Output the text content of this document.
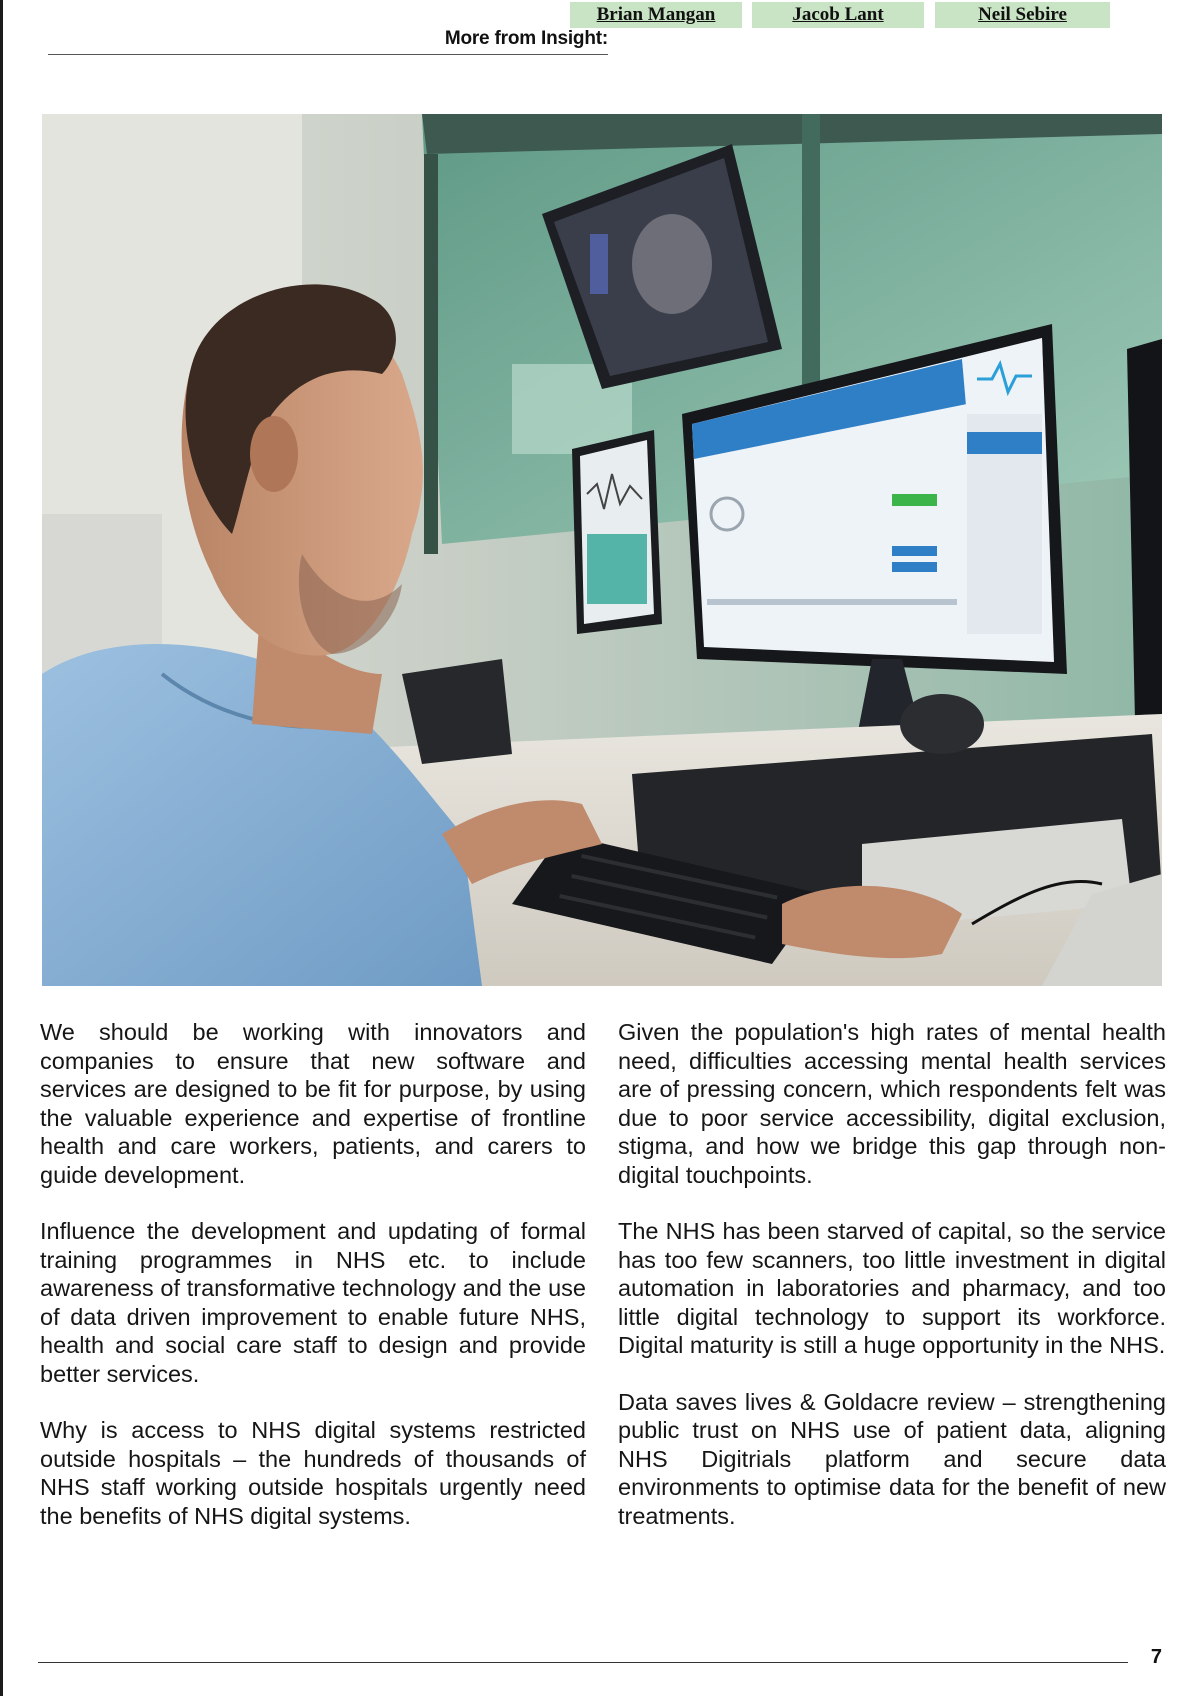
More from Insight:
Brian Mangan	Jacob Lant	Neil Sebire

We should be working with innovators and companies to ensure that new software and services are designed to be fit for purpose, by using the valuable experience and expertise of frontline health and care workers, patients, and carers to guide development.

Influence the development and updating of formal training programmes in NHS etc. to include awareness of transformative technology and the use of data driven improvement to enable future NHS, health and social care staff to design and provide better services.

Why is access to NHS digital systems restricted outside hospitals – the hundreds of thousands of NHS staff working outside hospitals urgently need the benefits of NHS digital systems.

Given the population's high rates of mental health need, difficulties accessing mental health services are of pressing concern, which respondents felt was due to poor service accessibility, digital exclusion, stigma, and how we bridge this gap through non-digital touchpoints.

The NHS has been starved of capital, so the service has too few scanners, too little investment in digital automation in laboratories and pharmacy, and too little digital technology to support its workforce. Digital maturity is still a huge opportunity in the NHS.

Data saves lives & Goldacre review – strengthening public trust on NHS use of patient data, aligning NHS Digitrials platform and secure data environments to optimise data for the benefit of new treatments.

7
